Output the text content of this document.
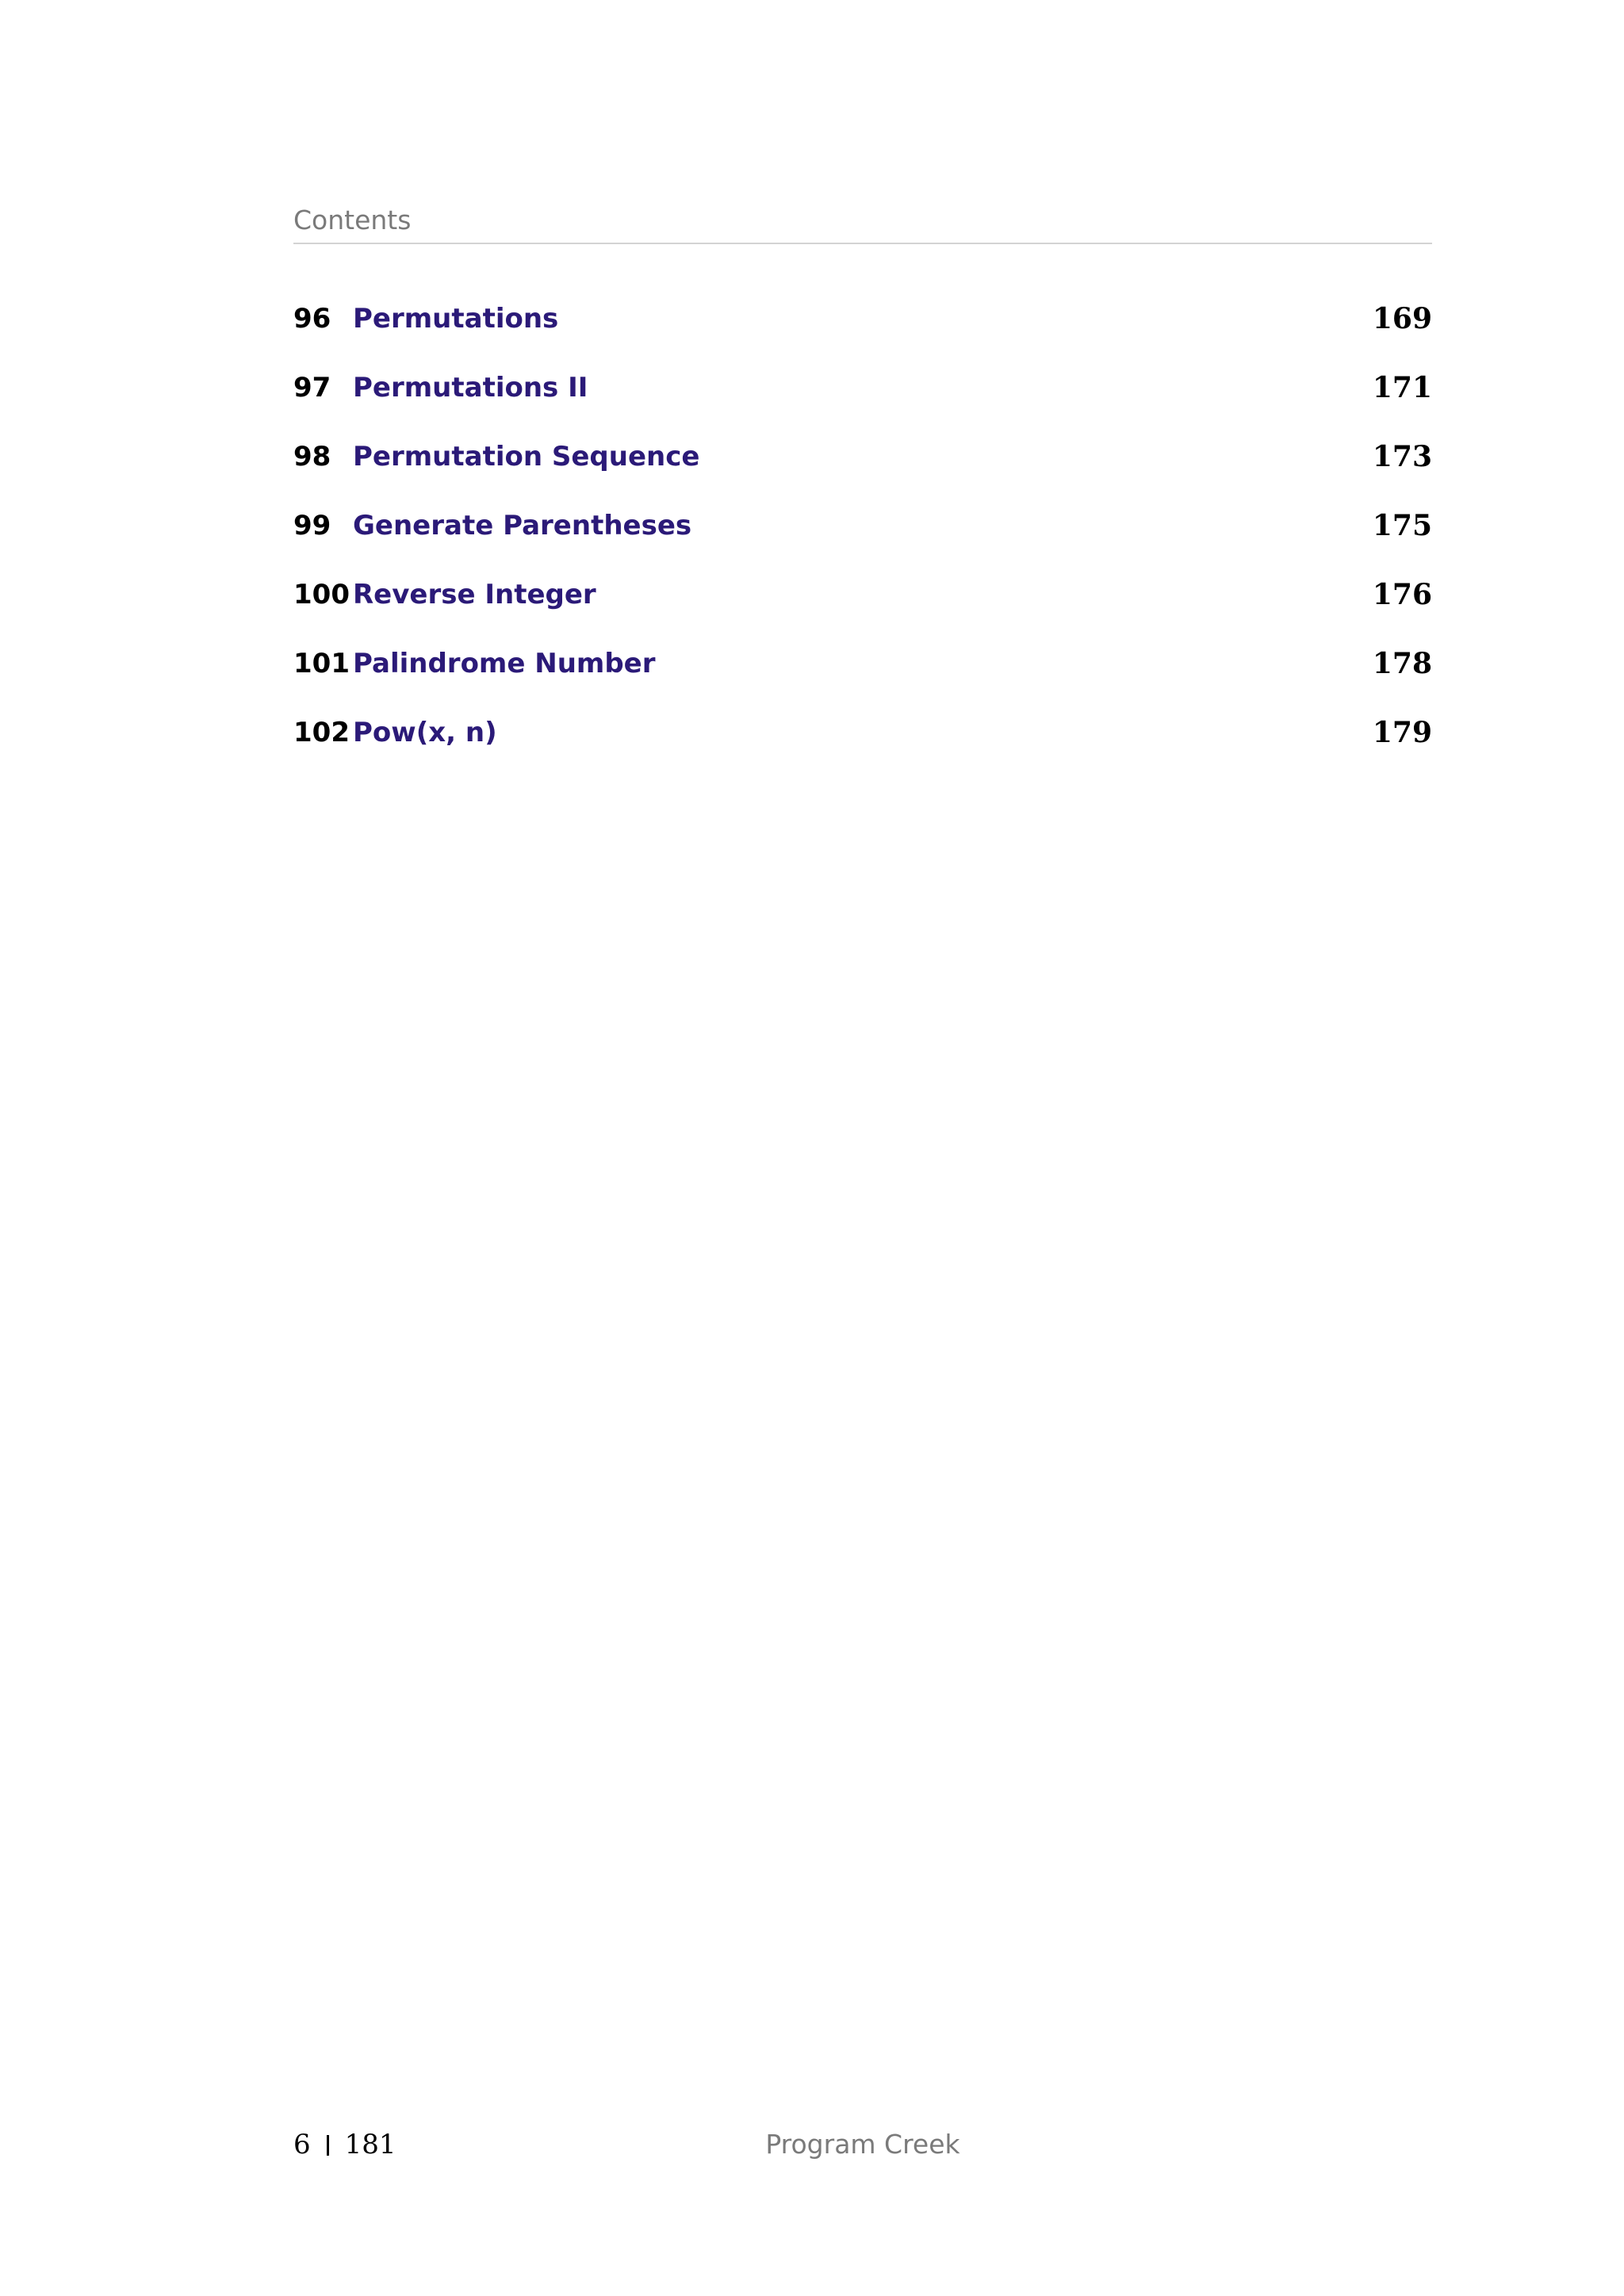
Contents
96 Permutations	169
97 Permutations II	171
98 Permutation Sequence	173
99 Generate Parentheses	175
100 Reverse Integer	176
101 Palindrome Number	178
102 Pow(x, n)	179
6 181	Program Creek
